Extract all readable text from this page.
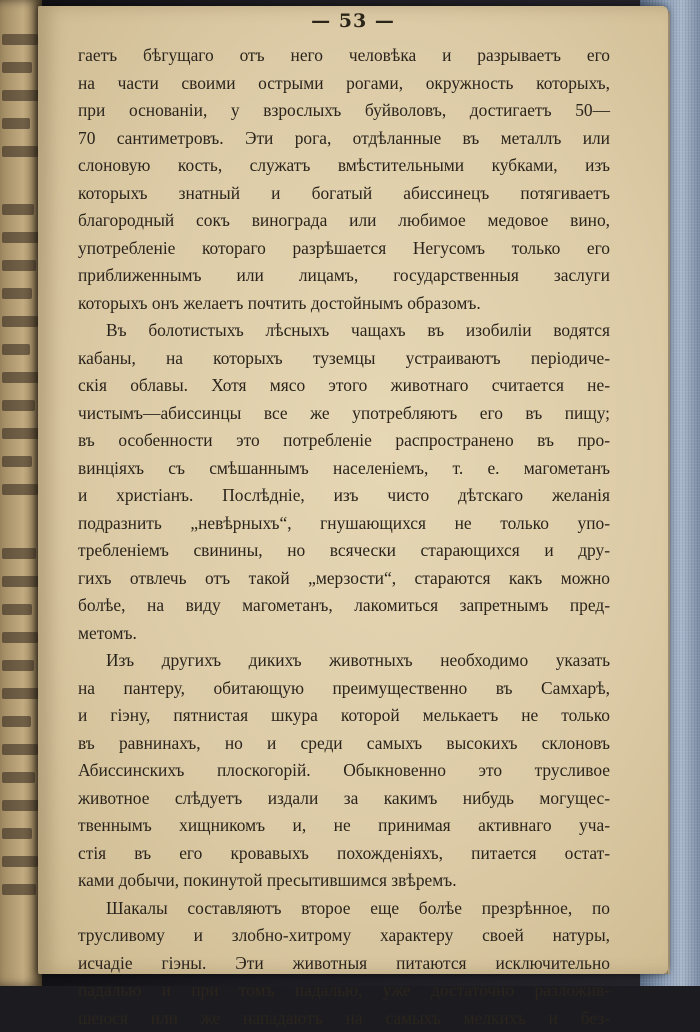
— 53 —
гаетъ бѣгущаго отъ него человѣка и разрываетъ его
на части своими острыми рогами, окружность которыхъ,
при основаніи, у взрослыхъ буйволовъ, достигаетъ 50—
70 сантиметровъ. Эти рога, отдѣланные въ металлъ или
слоновую кость, служатъ вмѣстительными кубками, изъ
которыхъ знатный и богатый абиссинецъ потягиваетъ
благородный сокъ винограда или любимое медовое вино,
употребленіе котораго разрѣшается Негусомъ только его
приближеннымъ или лицамъ, государственныя заслуги
которыхъ онъ желаетъ почтить достойнымъ образомъ.
Въ болотистыхъ лѣсныхъ чащахъ въ изобиліи водятся
кабаны, на которыхъ туземцы устраиваютъ періодиче-
скія облавы. Хотя мясо этого животнаго считается не-
чистымъ—абиссинцы все же употребляютъ его въ пищу;
въ особенности это потребленіе распространено въ про-
винціяхъ съ смѣшаннымъ населеніемъ, т. е. магометанъ
и христіанъ. Послѣдніе, изъ чисто дѣтскаго желанія
подразнить „невѣрныхъ“, гнушающихся не только упо-
требленіемъ свинины, но всячески старающихся и дру-
гихъ отвлечь отъ такой „мерзости“, стараются какъ можно
болѣе, на виду магометанъ, лакомиться запретнымъ пред-
метомъ.
Изъ другихъ дикихъ животныхъ необходимо указать
на пантеру, обитающую преимущественно въ Самхарѣ,
и гіэну, пятнистая шкура которой мелькаетъ не только
въ равнинахъ, но и среди самыхъ высокихъ склоновъ
Абиссинскихъ плоскогорій. Обыкновенно это трусливое
животное слѣдуетъ издали за какимъ нибудь могущес-
твеннымъ хищникомъ и, не принимая активнаго уча-
стія въ его кровавыхъ похожденіяхъ, питается остат-
ками добычи, покинутой пресытившимся звѣремъ.
Шакалы составляютъ второе еще болѣе презрѣнное, по
трусливому и злобно-хитрому характеру своей натуры,
исчадіе гіэны. Эти животныя питаются исключительно
падалью и при томъ падалью, уже достаточно разложив-
шеюся или же нападаютъ на самыхъ мелкихъ и без-
